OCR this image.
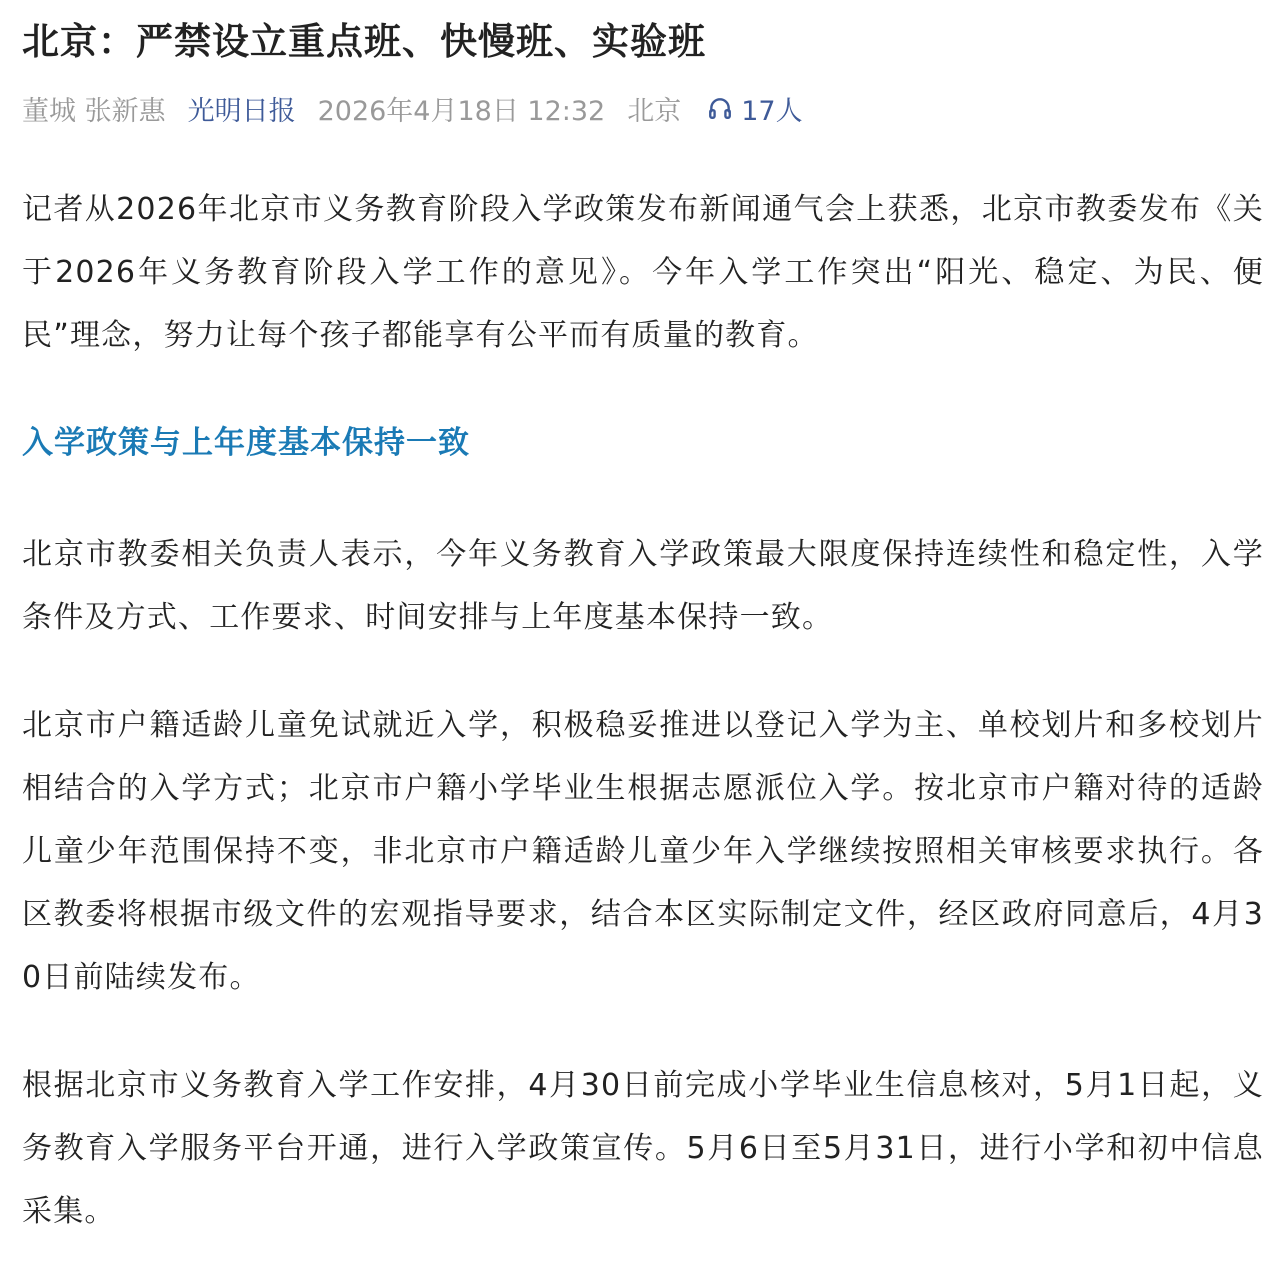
北京：严禁设立重点班、快慢班、实验班
董城 张新惠 光明日报 2026年4月18日 12:32 北京 17人

记者从2026年北京市义务教育阶段入学政策发布新闻通气会上获悉，北京市教委发布《关于2026年义务教育阶段入学工作的意见》。今年入学工作突出“阳光、稳定、为民、便民”理念，努力让每个孩子都能享有公平而有质量的教育。

入学政策与上年度基本保持一致

北京市教委相关负责人表示，今年义务教育入学政策最大限度保持连续性和稳定性，入学条件及方式、工作要求、时间安排与上年度基本保持一致。

北京市户籍适龄儿童免试就近入学，积极稳妥推进以登记入学为主、单校划片和多校划片相结合的入学方式；北京市户籍小学毕业生根据志愿派位入学。按北京市户籍对待的适龄儿童少年范围保持不变，非北京市户籍适龄儿童少年入学继续按照相关审核要求执行。各区教委将根据市级文件的宏观指导要求，结合本区实际制定文件，经区政府同意后，4月30日前陆续发布。

根据北京市义务教育入学工作安排，4月30日前完成小学毕业生信息核对，5月1日起，义务教育入学服务平台开通，进行入学政策宣传。5月6日至5月31日，进行小学和初中信息采集。
